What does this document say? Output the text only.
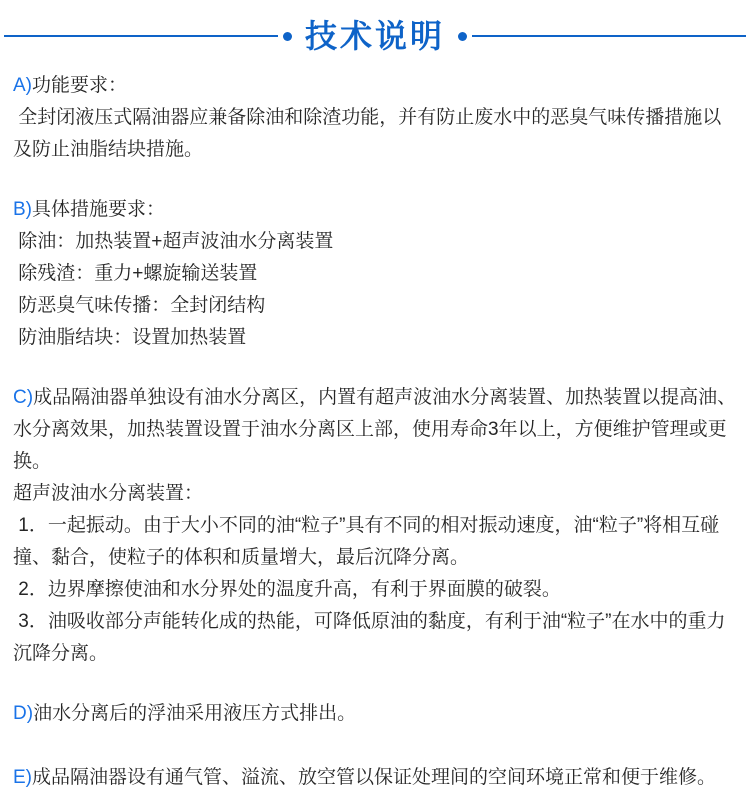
技术说明

A)功能要求：

全封闭液压式隔油器应兼备除油和除渣功能，并有防止废水中的恶臭气味传播措施以及防止油脂结块措施。

B)具体措施要求：

除油：加热装置+超声波油水分离装置

除残渣：重力+螺旋输送装置

防恶臭气味传播：全封闭结构

防油脂结块：设置加热装置

C)成品隔油器单独设有油水分离区，内置有超声波油水分离装置、加热装置以提高油、水分离效果，加热装置设置于油水分离区上部，使用寿命3年以上，方便维护管理或更换。

超声波油水分离装置：

1．一起振动。由于大小不同的油“粒子”具有不同的相对振动速度，油“粒子”将相互碰撞、黏合，使粒子的体积和质量增大，最后沉降分离。

2．边界摩擦使油和水分界处的温度升高，有利于界面膜的破裂。

3．油吸收部分声能转化成的热能，可降低原油的黏度，有利于油“粒子”在水中的重力沉降分离。

D)油水分离后的浮油采用液压方式排出。

E)成品隔油器设有通气管、溢流、放空管以保证处理间的空间环境正常和便于维修。
